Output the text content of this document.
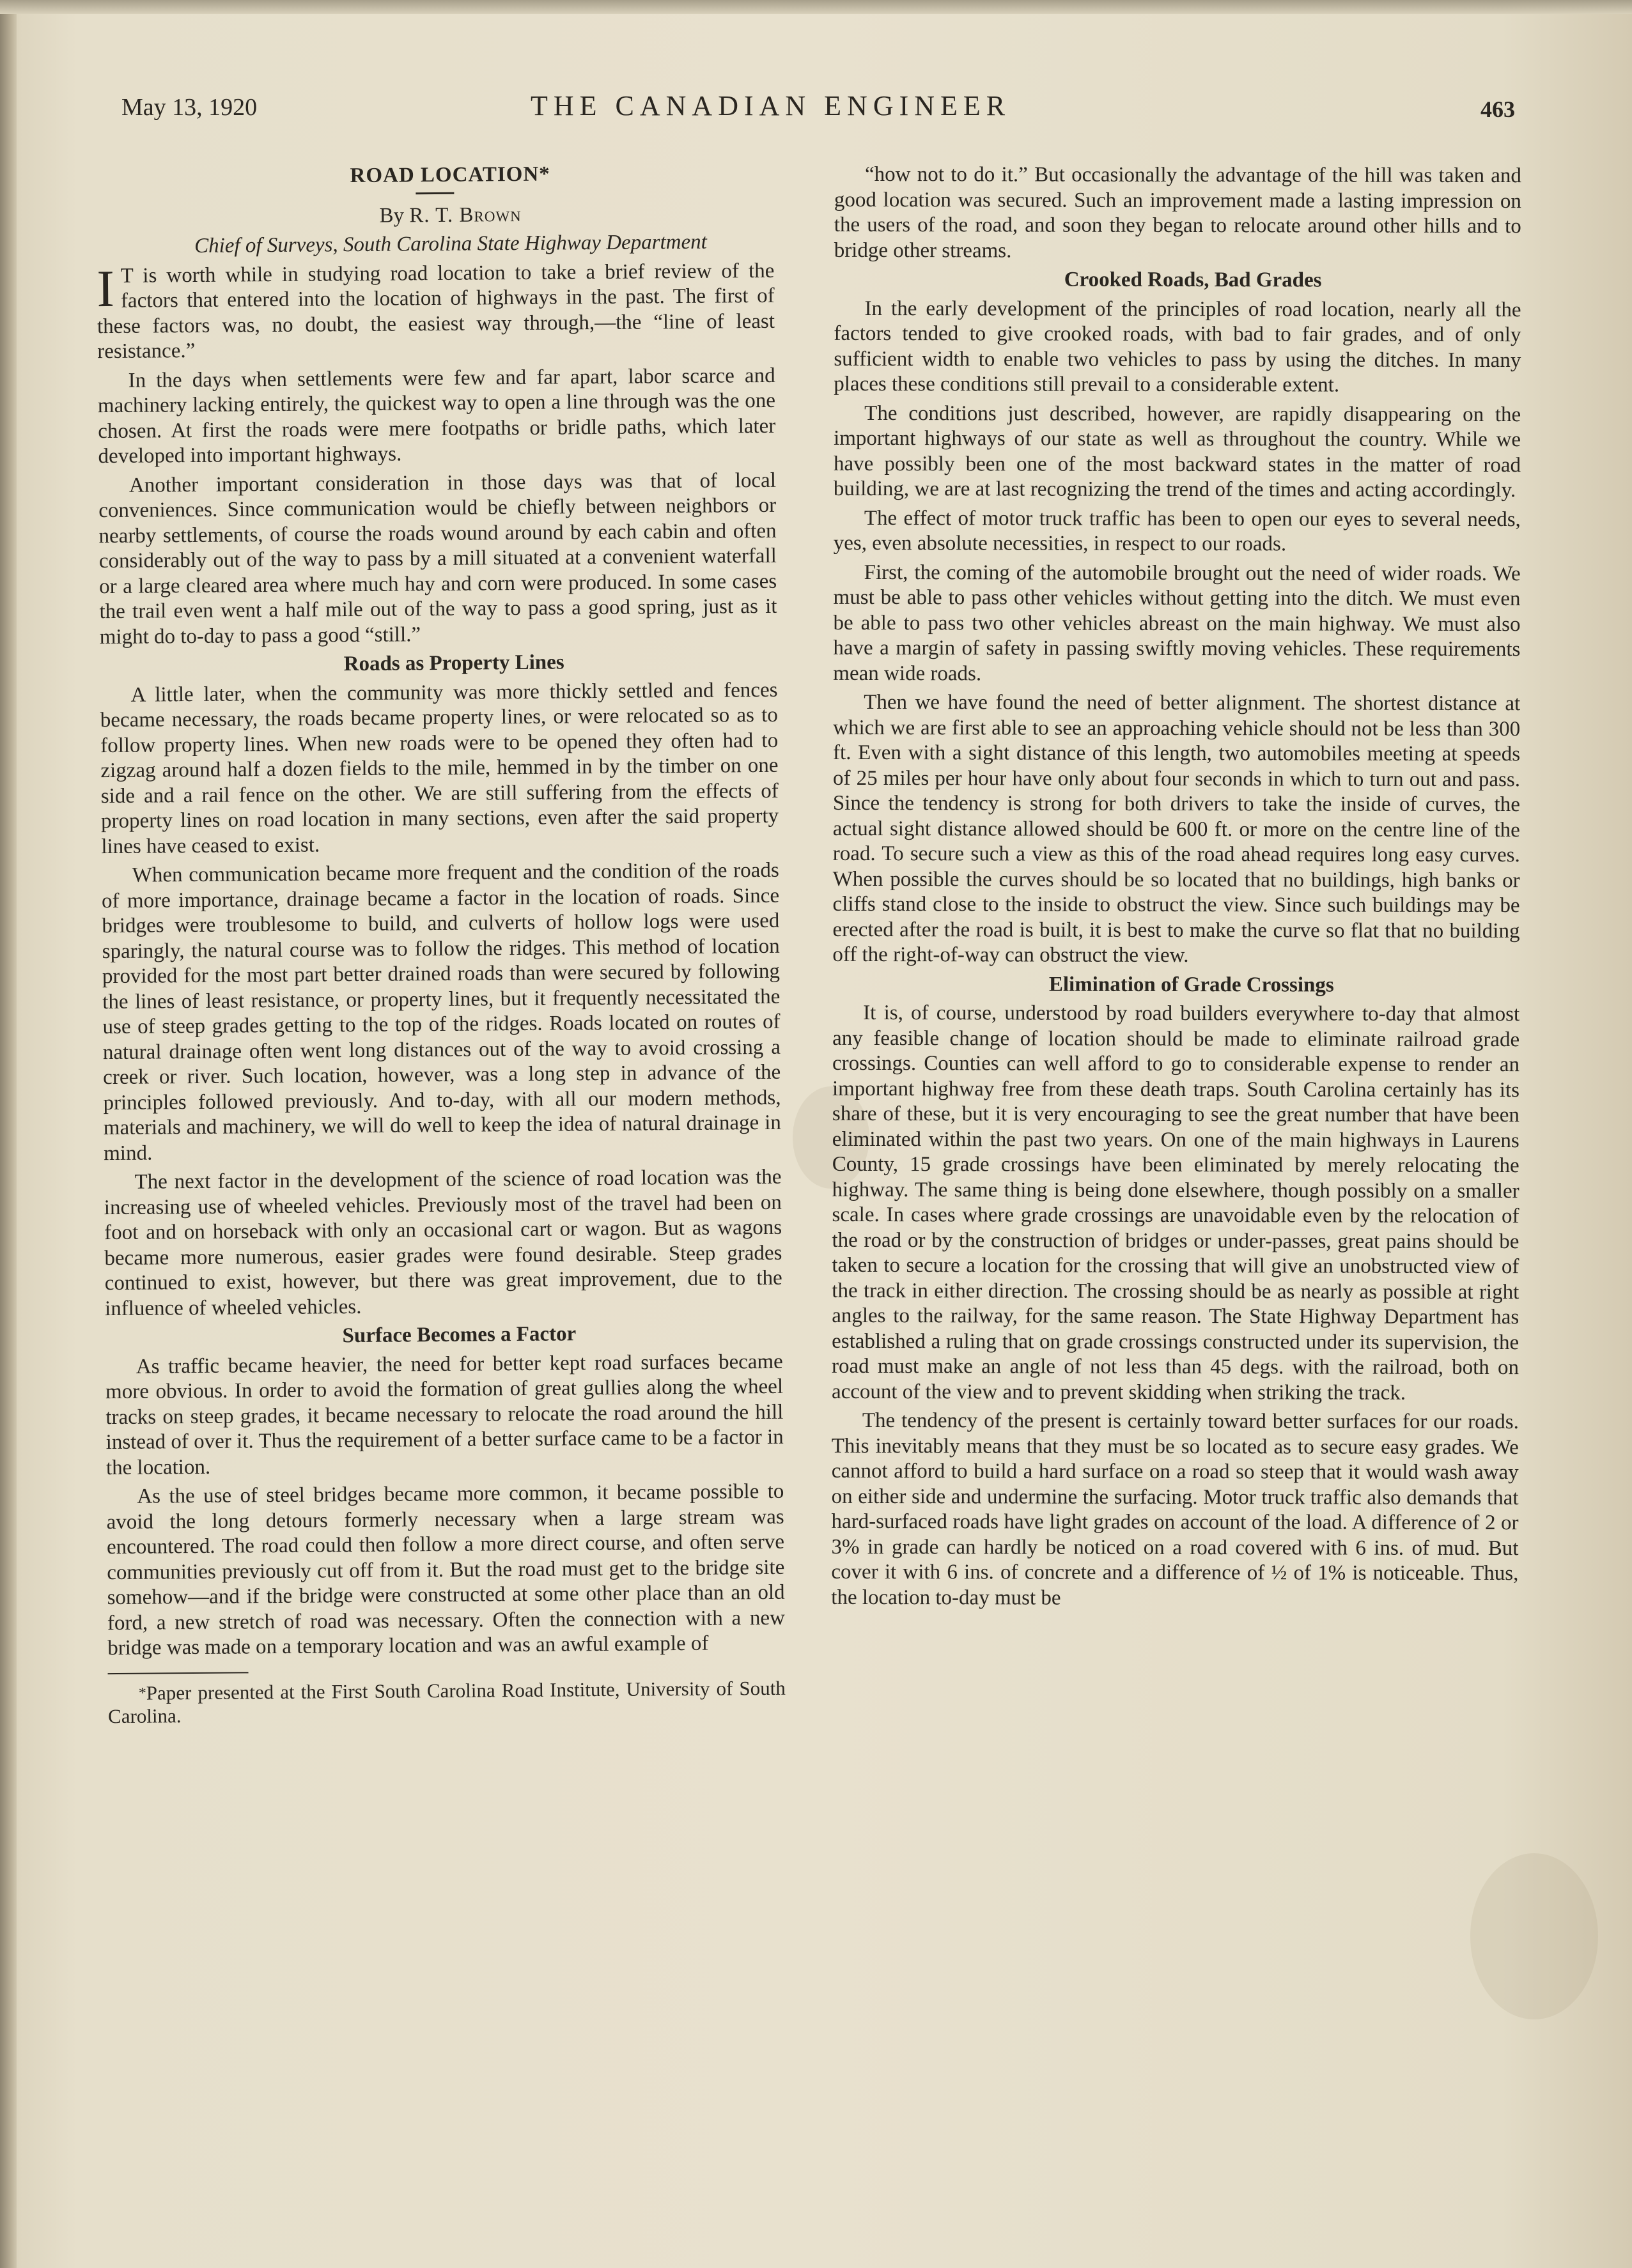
May 13, 1920	THE CANADIAN ENGINEER	463

ROAD LOCATION*

By R. T. Brown

Chief of Surveys, South Carolina State Highway Department

I T is worth while in studying road location to take a brief review of the factors that entered into the location of highways in the past. The first of these factors was, no doubt, the easiest way through,—the “line of least resistance.”

In the days when settlements were few and far apart, labor scarce and machinery lacking entirely, the quickest way to open a line through was the one chosen. At first the roads were mere footpaths or bridle paths, which later developed into important highways.

Another important consideration in those days was that of local conveniences. Since communication would be chiefly between neighbors or nearby settlements, of course the roads wound around by each cabin and often considerably out of the way to pass by a mill situated at a convenient waterfall or a large cleared area where much hay and corn were produced. In some cases the trail even went a half mile out of the way to pass a good spring, just as it might do to-day to pass a good “still.”

Roads as Property Lines

A little later, when the community was more thickly settled and fences became necessary, the roads became property lines, or were relocated so as to follow property lines. When new roads were to be opened they often had to zigzag around half a dozen fields to the mile, hemmed in by the timber on one side and a rail fence on the other. We are still suffering from the effects of property lines on road location in many sections, even after the said property lines have ceased to exist.

When communication became more frequent and the condition of the roads of more importance, drainage became a factor in the location of roads. Since bridges were troublesome to build, and culverts of hollow logs were used sparingly, the natural course was to follow the ridges. This method of location provided for the most part better drained roads than were secured by following the lines of least resistance, or property lines, but it frequently necessitated the use of steep grades getting to the top of the ridges. Roads located on routes of natural drainage often went long distances out of the way to avoid crossing a creek or river. Such location, however, was a long step in advance of the principles followed previously. And to-day, with all our modern methods, materials and machinery, we will do well to keep the idea of natural drainage in mind.

The next factor in the development of the science of road location was the increasing use of wheeled vehicles. Previously most of the travel had been on foot and on horseback with only an occasional cart or wagon. But as wagons became more numerous, easier grades were found desirable. Steep grades continued to exist, however, but there was great improvement, due to the influence of wheeled vehicles.

Surface Becomes a Factor

As traffic became heavier, the need for better kept road surfaces became more obvious. In order to avoid the formation of great gullies along the wheel tracks on steep grades, it became necessary to relocate the road around the hill instead of over it. Thus the requirement of a better surface came to be a factor in the location.

As the use of steel bridges became more common, it became possible to avoid the long detours formerly necessary when a large stream was encountered. The road could then follow a more direct course, and often serve communities previously cut off from it. But the road must get to the bridge site somehow—and if the bridge were constructed at some other place than an old ford, a new stretch of road was necessary. Often the connection with a new bridge was made on a temporary location and was an awful example of

*Paper presented at the First South Carolina Road Institute, University of South Carolina.

“how not to do it.” But occasionally the advantage of the hill was taken and good location was secured. Such an improvement made a lasting impression on the users of the road, and soon they began to relocate around other hills and to bridge other streams.

Crooked Roads, Bad Grades

In the early development of the principles of road location, nearly all the factors tended to give crooked roads, with bad to fair grades, and of only sufficient width to enable two vehicles to pass by using the ditches. In many places these conditions still prevail to a considerable extent.

The conditions just described, however, are rapidly disappearing on the important highways of our state as well as throughout the country. While we have possibly been one of the most backward states in the matter of road building, we are at last recognizing the trend of the times and acting accordingly.

The effect of motor truck traffic has been to open our eyes to several needs, yes, even absolute necessities, in respect to our roads.

First, the coming of the automobile brought out the need of wider roads. We must be able to pass other vehicles without getting into the ditch. We must even be able to pass two other vehicles abreast on the main highway. We must also have a margin of safety in passing swiftly moving vehicles. These requirements mean wide roads.

Then we have found the need of better alignment. The shortest distance at which we are first able to see an approaching vehicle should not be less than 300 ft. Even with a sight distance of this length, two automobiles meeting at speeds of 25 miles per hour have only about four seconds in which to turn out and pass. Since the tendency is strong for both drivers to take the inside of curves, the actual sight distance allowed should be 600 ft. or more on the centre line of the road. To secure such a view as this of the road ahead requires long easy curves. When possible the curves should be so located that no buildings, high banks or cliffs stand close to the inside to obstruct the view. Since such buildings may be erected after the road is built, it is best to make the curve so flat that no building off the right-of-way can obstruct the view.

Elimination of Grade Crossings

It is, of course, understood by road builders everywhere to-day that almost any feasible change of location should be made to eliminate railroad grade crossings. Counties can well afford to go to considerable expense to render an important highway free from these death traps. South Carolina certainly has its share of these, but it is very encouraging to see the great number that have been eliminated within the past two years. On one of the main highways in Laurens County, 15 grade crossings have been eliminated by merely relocating the highway. The same thing is being done elsewhere, though possibly on a smaller scale. In cases where grade crossings are unavoidable even by the relocation of the road or by the construction of bridges or under-passes, great pains should be taken to secure a location for the crossing that will give an unobstructed view of the track in either direction. The crossing should be as nearly as possible at right angles to the railway, for the same reason. The State Highway Department has established a ruling that on grade crossings constructed under its supervision, the road must make an angle of not less than 45 degs. with the railroad, both on account of the view and to prevent skidding when striking the track.

The tendency of the present is certainly toward better surfaces for our roads. This inevitably means that they must be so located as to secure easy grades. We cannot afford to build a hard surface on a road so steep that it would wash away on either side and undermine the surfacing. Motor truck traffic also demands that hard-surfaced roads have light grades on account of the load. A difference of 2 or 3% in grade can hardly be noticed on a road covered with 6 ins. of mud. But cover it with 6 ins. of concrete and a difference of ½ of 1% is noticeable. Thus, the location to-day must be
